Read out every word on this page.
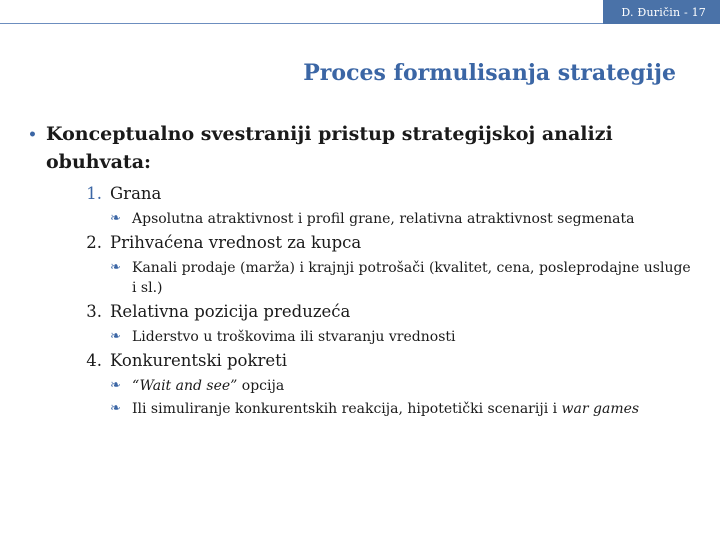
D. Đuričin - 17
Proces formulisanja strategije
• Konceptualno svestraniji pristup strategijskoj analizi obuhvata:
1. Grana
❧ Apsolutna atraktivnost i profil grane, relativna atraktivnost segmenata
2. Prihvaćena vrednost za kupca
❧ Kanali prodaje (marža) i krajnji potrošači (kvalitet, cena, posleprodajne usluge i sl.)
3. Relativna pozicija preduzeća
❧ Liderstvo u troškovima ili stvaranju vrednosti
4. Konkurentski pokreti
❧ “Wait and see” opcija
❧ Ili simuliranje konkurentskih reakcija, hipotetički scenariji i war games
